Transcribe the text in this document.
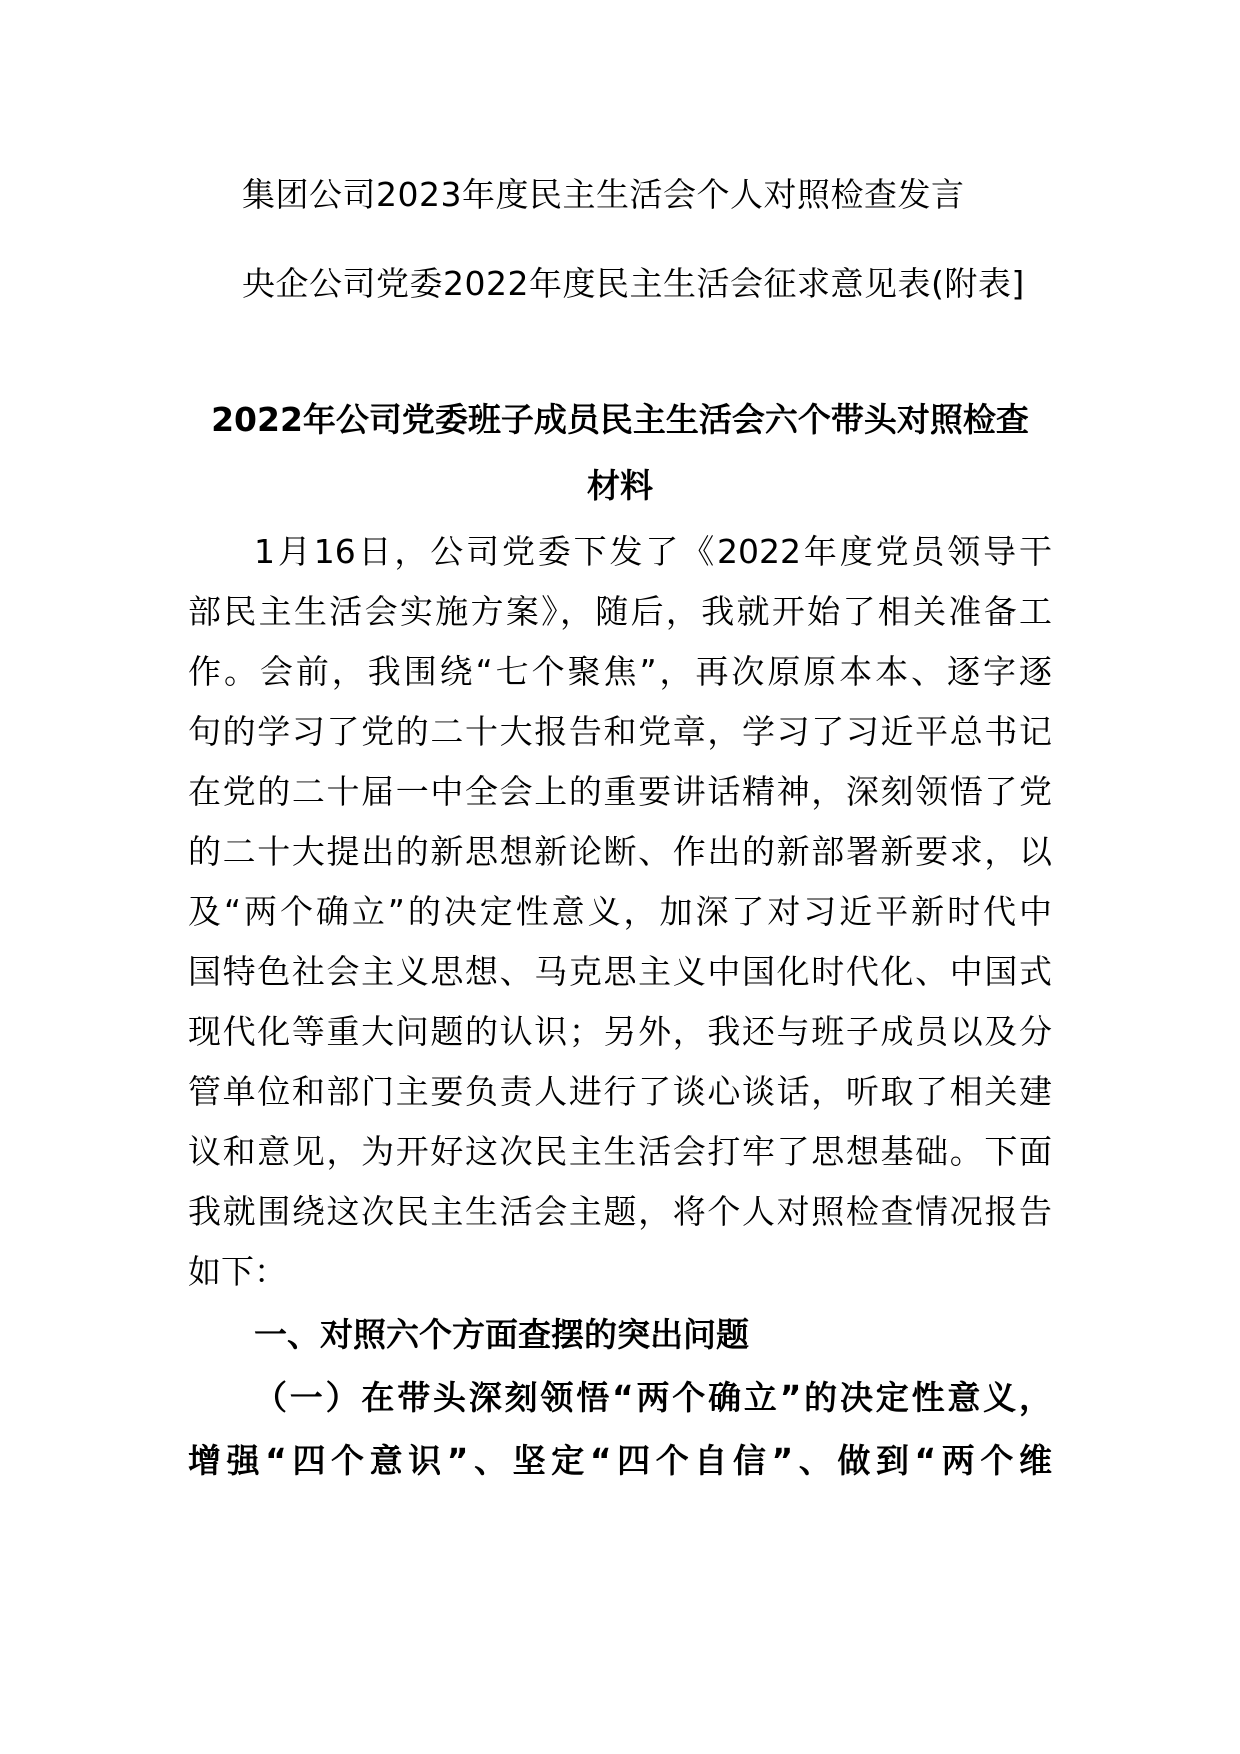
集团公司2023年度民主生活会个人对照检查发言
央企公司党委2022年度民主生活会征求意见表(附表]
2022年公司党委班子成员民主生活会六个带头对照检查
材料
1月16日，公司党委下发了《2022年度党员领导干
部民主生活会实施方案》，随后，我就开始了相关准备工
作。会前，我围绕“七个聚焦”，再次原原本本、逐字逐
句的学习了党的二十大报告和党章，学习了习近平总书记
在党的二十届一中全会上的重要讲话精神，深刻领悟了党
的二十大提出的新思想新论断、作出的新部署新要求，以
及“两个确立”的决定性意义，加深了对习近平新时代中
国特色社会主义思想、马克思主义中国化时代化、中国式
现代化等重大问题的认识；另外，我还与班子成员以及分
管单位和部门主要负责人进行了谈心谈话，听取了相关建
议和意见，为开好这次民主生活会打牢了思想基础。下面
我就围绕这次民主生活会主题，将个人对照检查情况报告
如下：
一、对照六个方面查摆的突出问题
（一）在带头深刻领悟“两个确立”的决定性意义，
增强“四个意识”、坚定“四个自信”、做到“两个维
